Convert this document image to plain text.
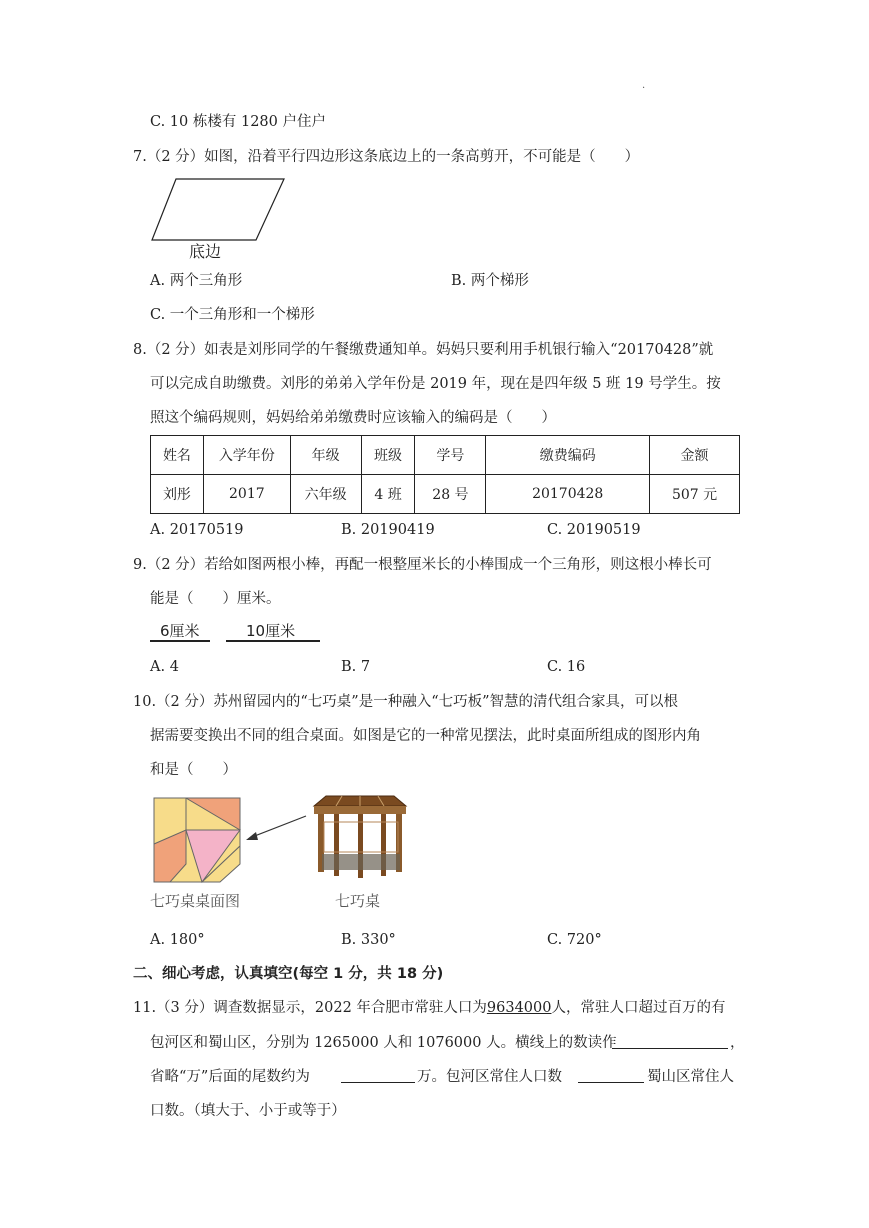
.
C. 10 栋楼有 1280 户住户
7.（2 分）如图，沿着平行四边形这条底边上的一条高剪开，不可能是（　　）
底边
A. 两个三角形	B. 两个梯形
C. 一个三角形和一个梯形
8.（2 分）如表是刘彤同学的午餐缴费通知单。妈妈只要利用手机银行输入“20170428”就
可以完成自助缴费。刘彤的弟弟入学年份是 2019 年，现在是四年级 5 班 19 号学生。按
照这个编码规则，妈妈给弟弟缴费时应该输入的编码是（　　）
姓名	入学年份	年级	班级	学号	缴费编码	金额
刘彤	2017	六年级	4 班	28 号	20170428	507 元
A. 20170519	B. 20190419	C. 20190519
9.（2 分）若给如图两根小棒，再配一根整厘米长的小棒围成一个三角形，则这根小棒长可
能是（　　）厘米。
6厘米	10厘米
A. 4	B. 7	C. 16
10.（2 分）苏州留园内的“七巧桌”是一种融入“七巧板”智慧的清代组合家具，可以根
据需要变换出不同的组合桌面。如图是它的一种常见摆法，此时桌面所组成的图形内角
和是（　　）
七巧桌桌面图	七巧桌
A. 180°	B. 330°	C. 720°
二、细心考虑，认真填空(每空 1 分，共 18 分)
11.（3 分）调查数据显示，2022 年合肥市常驻人口为9634000人，常驻人口超过百万的有
包河区和蜀山区，分别为 1265000 人和 1076000 人。横线上的数读作	，
省略“万”后面的尾数约为	万。包河区常住人口数	蜀山区常住人
口数。（填大于、小于或等于）
